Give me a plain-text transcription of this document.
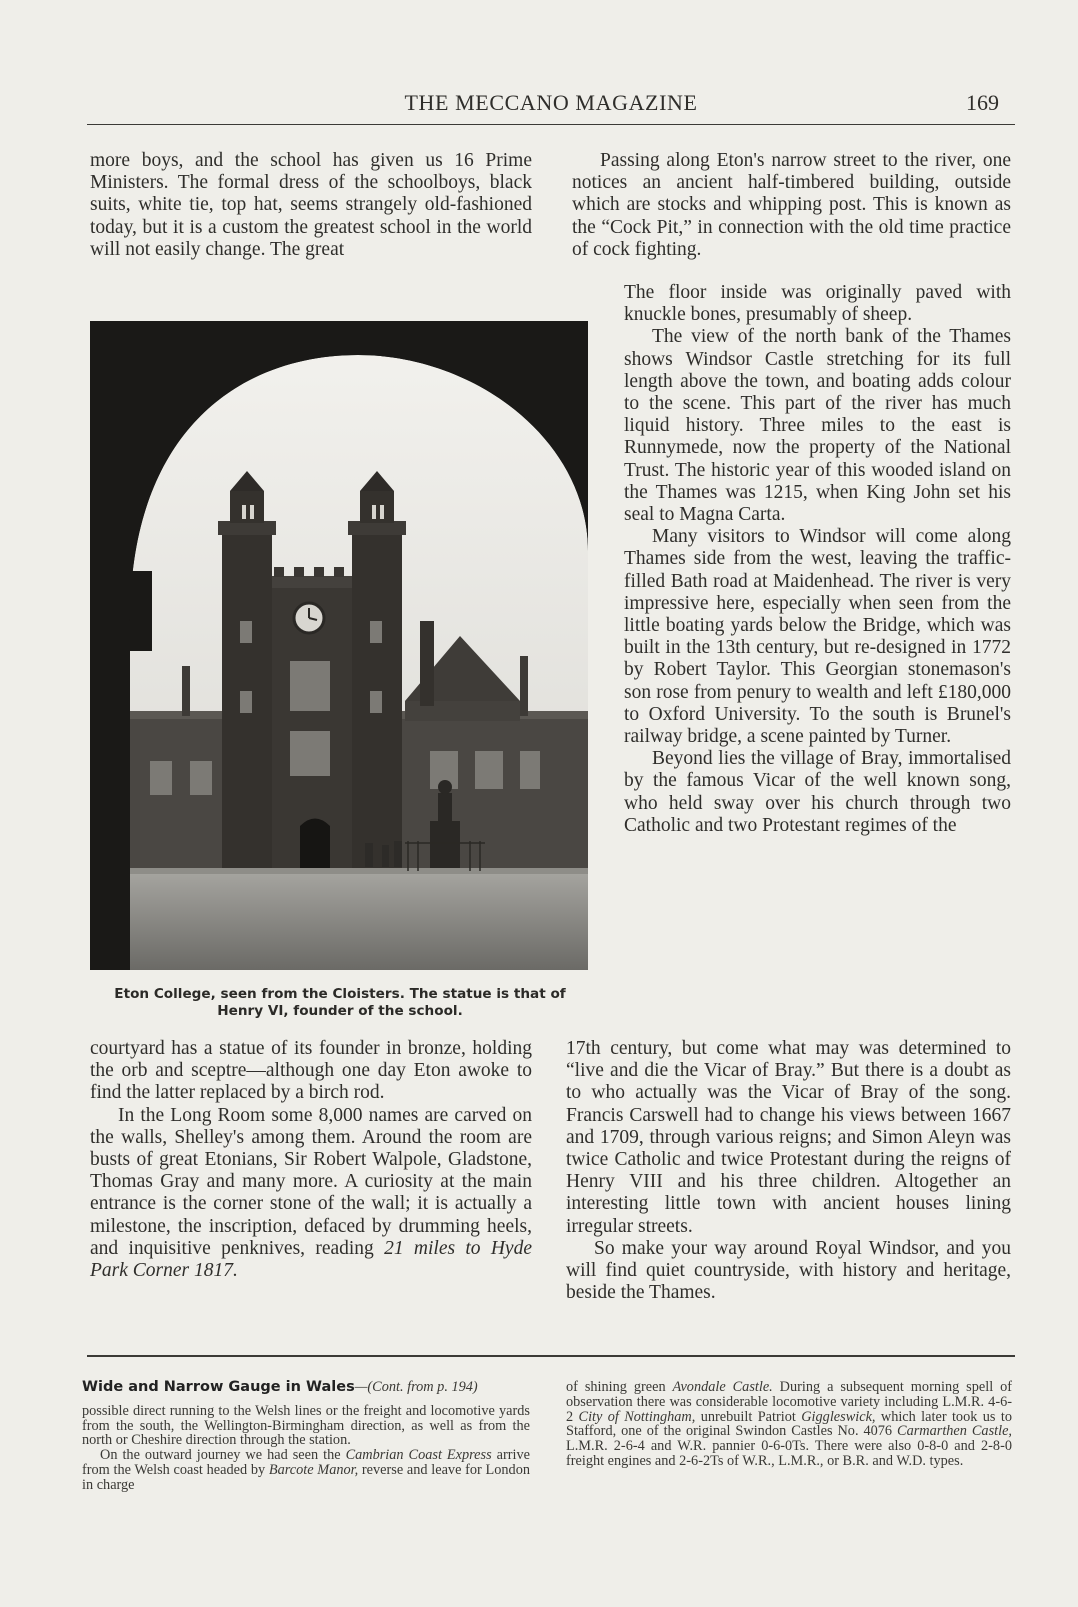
THE MECCANO MAGAZINE	169

more boys, and the school has given us 16 Prime Ministers. The formal dress of the schoolboys, black suits, white tie, top hat, seems strangely old-fashioned today, but it is a custom the greatest school in the world will not easily change. The great

Eton College, seen from the Cloisters. The statue is that of
Henry VI, founder of the school.

courtyard has a statue of its founder in bronze, holding the orb and sceptre—although one day Eton awoke to find the latter replaced by a birch rod.

In the Long Room some 8,000 names are carved on the walls, Shelley's among them. Around the room are busts of great Etonians, Sir Robert Walpole, Gladstone, Thomas Gray and many more. A curiosity at the main entrance is the corner stone of the wall; it is actually a milestone, the inscription, defaced by drumming heels, and inquisitive penknives, reading 21 miles to Hyde Park Corner 1817.

Passing along Eton's narrow street to the river, one notices an ancient half-timbered building, outside which are stocks and whipping post. This is known as the “Cock Pit,” in connection with the old time practice of cock fighting.

The floor inside was originally paved with knuckle bones, presumably of sheep.

The view of the north bank of the Thames shows Windsor Castle stretching for its full length above the town, and boating adds colour to the scene. This part of the river has much liquid history. Three miles to the east is Runnymede, now the property of the National Trust. The historic year of this wooded island on the Thames was 1215, when King John set his seal to Magna Carta.

Many visitors to Windsor will come along Thames side from the west, leaving the traffic-filled Bath road at Maidenhead. The river is very impressive here, especially when seen from the little boating yards below the Bridge, which was built in the 13th century, but re-designed in 1772 by Robert Taylor. This Georgian stonemason's son rose from penury to wealth and left £180,000 to Oxford University. To the south is Brunel's railway bridge, a scene painted by Turner.

Beyond lies the village of Bray, immortalised by the famous Vicar of the well known song, who held sway over his church through two Catholic and two Protestant regimes of the

17th century, but come what may was determined to “live and die the Vicar of Bray.” But there is a doubt as to who actually was the Vicar of Bray of the song. Francis Carswell had to change his views between 1667 and 1709, through various reigns; and Simon Aleyn was twice Catholic and twice Protestant during the reigns of Henry VIII and his three children. Altogether an interesting little town with ancient houses lining irregular streets.

So make your way around Royal Windsor, and you will find quiet countryside, with history and heritage, beside the Thames.

Wide and Narrow Gauge in Wales—(Cont. from p. 194)

possible direct running to the Welsh lines or the freight and locomotive yards from the south, the Wellington-Birmingham direction, as well as from the north or Cheshire direction through the station.

On the outward journey we had seen the Cambrian Coast Express arrive from the Welsh coast headed by Barcote Manor, reverse and leave for London in charge

of shining green Avondale Castle. During a subsequent morning spell of observation there was considerable locomotive variety including L.M.R. 4-6-2 City of Nottingham, unrebuilt Patriot Giggleswick, which later took us to Stafford, one of the original Swindon Castles No. 4076 Carmarthen Castle, L.M.R. 2-6-4 and W.R. pannier 0-6-0Ts. There were also 0-8-0 and 2-8-0 freight engines and 2-6-2Ts of W.R., L.M.R., or B.R. and W.D. types.
